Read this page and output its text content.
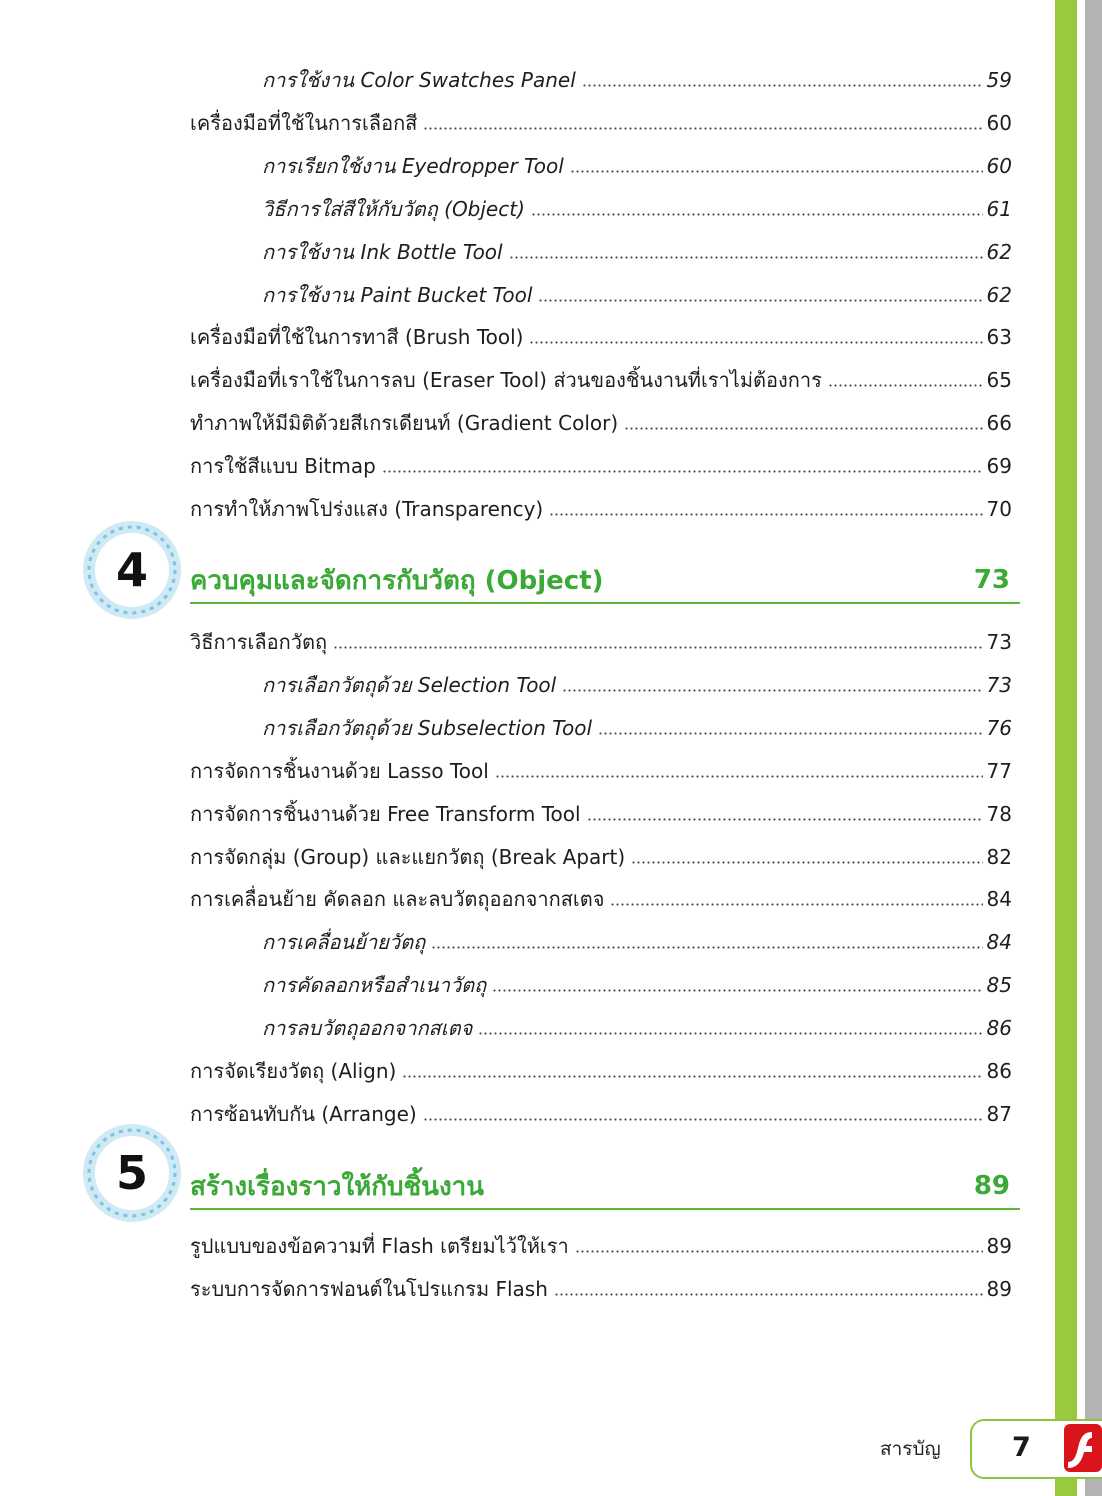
การใช้งาน Color Swatches Panel	59
เครื่องมือที่ใช้ในการเลือกสี	60
การเรียกใช้งาน Eyedropper Tool	60
วิธีการใส่สีให้กับวัตถุ (Object)	61
การใช้งาน Ink Bottle Tool	62
การใช้งาน Paint Bucket Tool	62
เครื่องมือที่ใช้ในการทาสี (Brush Tool)	63
เครื่องมือที่เราใช้ในการลบ (Eraser Tool) ส่วนของชิ้นงานที่เราไม่ต้องการ	65
ทำภาพให้มีมิติด้วยสีเกรเดียนท์ (Gradient Color)	66
การใช้สีแบบ Bitmap	69
การทำให้ภาพโปร่งแสง (Transparency)	70
4 ควบคุมและจัดการกับวัตถุ (Object)	73
วิธีการเลือกวัตถุ	73
การเลือกวัตถุด้วย Selection Tool	73
การเลือกวัตถุด้วย Subselection Tool	76
การจัดการชิ้นงานด้วย Lasso Tool	77
การจัดการชิ้นงานด้วย Free Transform Tool	78
การจัดกลุ่ม (Group) และแยกวัตถุ (Break Apart)	82
การเคลื่อนย้าย คัดลอก และลบวัตถุออกจากสเตจ	84
การเคลื่อนย้ายวัตถุ	84
การคัดลอกหรือสำเนาวัตถุ	85
การลบวัตถุออกจากสเตจ	86
การจัดเรียงวัตถุ (Align)	86
การซ้อนทับกัน (Arrange)	87
5 สร้างเรื่องราวให้กับชิ้นงาน	89
รูปแบบของข้อความที่ Flash เตรียมไว้ให้เรา	89
ระบบการจัดการฟอนต์ในโปรแกรม Flash	89
สารบัญ	7
